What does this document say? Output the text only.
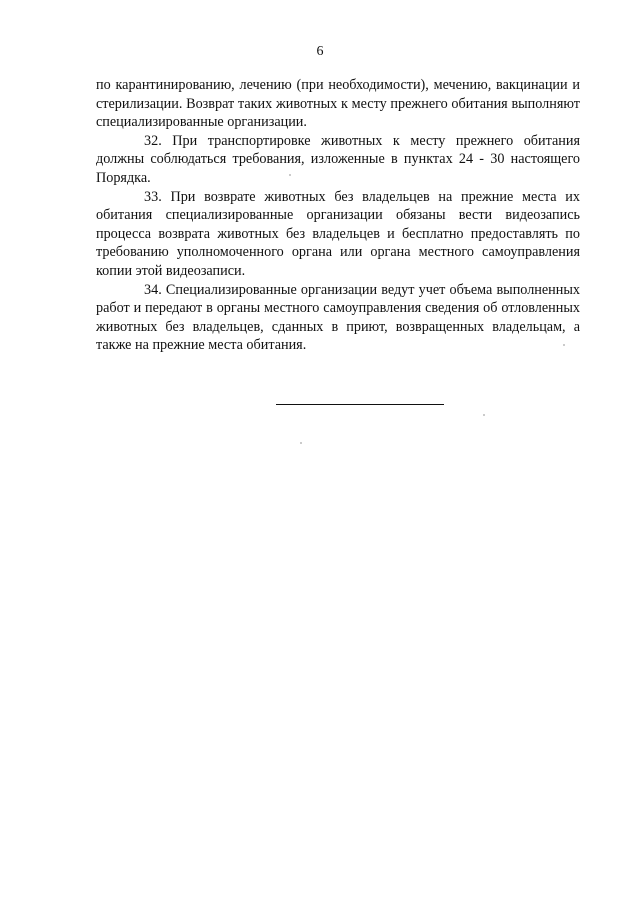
6

по карантинированию, лечению (при необходимости), мечению, вакцинации и стерилизации. Возврат таких животных к месту прежнего обитания выполняют специализированные организации.

32. При транспортировке животных к месту прежнего обитания должны соблюдаться требования, изложенные в пунктах 24 - 30 настоящего Порядка.

33. При возврате животных без владельцев на прежние места их обитания специализированные организации обязаны вести видеозапись процесса возврата животных без владельцев и бесплатно предоставлять по требованию уполномоченного органа или органа местного самоуправления копии этой видеозаписи.

34. Специализированные организации ведут учет объема выполненных работ и передают в органы местного самоуправления сведения об отловленных животных без владельцев, сданных в приют, возвращенных владельцам, а также на прежние места обитания.
